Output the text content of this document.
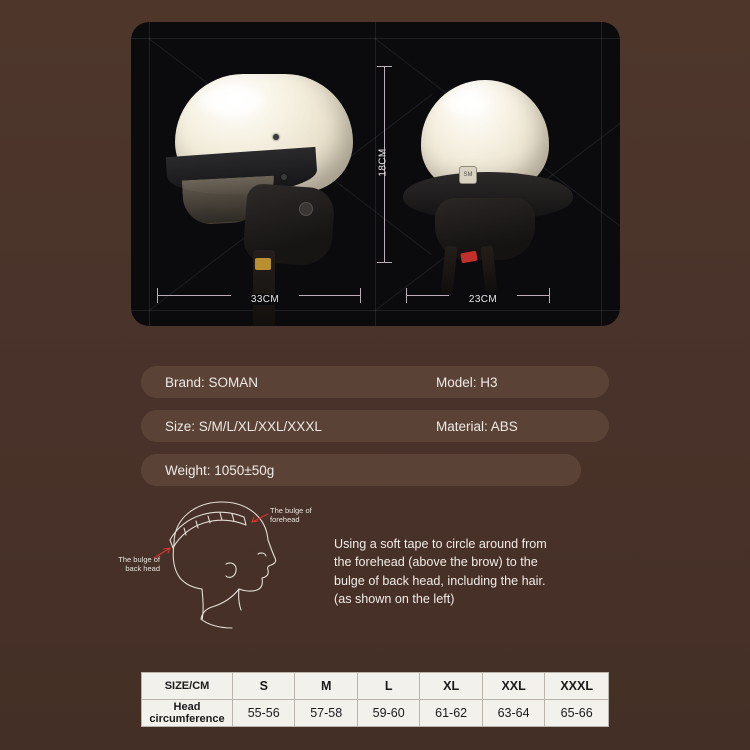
SM
18CM
33CM	23CM
Brand: SOMAN	Model: H3
Size: S/M/L/XL/XXL/XXXL	Material: ABS
Weight: 1050±50g
The bulge of
forehead
The bulge of
back head
Using a soft tape to circle around from
the forehead (above the brow) to the
bulge of back head, including the hair.
(as shown on the left)
SIZE/CM	S	M	L	XL	XXL	XXXL
Head
circumference	55-56	57-58	59-60	61-62	63-64	65-66
